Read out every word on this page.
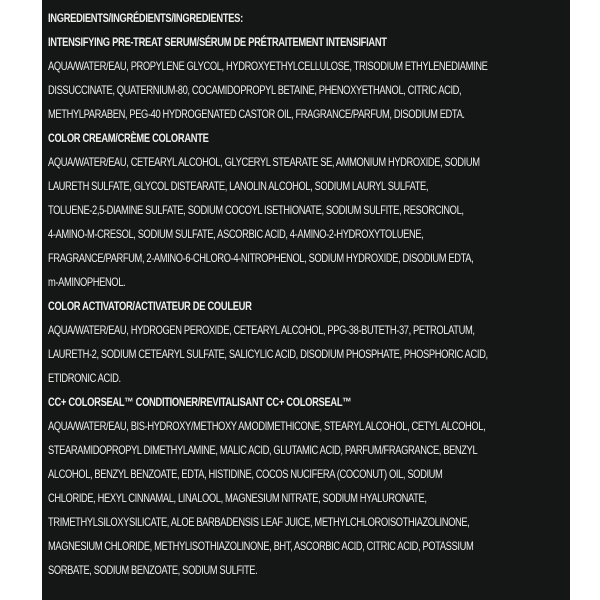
INGREDIENTS/INGRÉDIENTS/INGREDIENTES:
INTENSIFYING PRE-TREAT SERUM/SÉRUM DE PRÉTRAITEMENT INTENSIFIANT
AQUA/WATER/EAU, PROPYLENE GLYCOL, HYDROXYETHYLCELLULOSE, TRISODIUM ETHYLENEDIAMINE
DISSUCCINATE, QUATERNIUM-80, COCAMIDOPROPYL BETAINE, PHENOXYETHANOL, CITRIC ACID,
METHYLPARABEN, PEG-40 HYDROGENATED CASTOR OIL, FRAGRANCE/PARFUM, DISODIUM EDTA.
COLOR CREAM/CRÈME COLORANTE
AQUA/WATER/EAU, CETEARYL ALCOHOL, GLYCERYL STEARATE SE, AMMONIUM HYDROXIDE, SODIUM
LAURETH SULFATE, GLYCOL DISTEARATE, LANOLIN ALCOHOL, SODIUM LAURYL SULFATE,
TOLUENE-2,5-DIAMINE SULFATE, SODIUM COCOYL ISETHIONATE, SODIUM SULFITE, RESORCINOL,
4-AMINO-M-CRESOL, SODIUM SULFATE, ASCORBIC ACID, 4-AMINO-2-HYDROXYTOLUENE,
FRAGRANCE/PARFUM, 2-AMINO-6-CHLORO-4-NITROPHENOL, SODIUM HYDROXIDE, DISODIUM EDTA,
m-AMINOPHENOL.
COLOR ACTIVATOR/ACTIVATEUR DE COULEUR
AQUA/WATER/EAU, HYDROGEN PEROXIDE, CETEARYL ALCOHOL, PPG-38-BUTETH-37, PETROLATUM,
LAURETH-2, SODIUM CETEARYL SULFATE, SALICYLIC ACID, DISODIUM PHOSPHATE, PHOSPHORIC ACID,
ETIDRONIC ACID.
CC+ COLORSEAL™ CONDITIONER/REVITALISANT CC+ COLORSEAL™
AQUA/WATER/EAU, BIS-HYDROXY/METHOXY AMODIMETHICONE, STEARYL ALCOHOL, CETYL ALCOHOL,
STEARAMIDOPROPYL DIMETHYLAMINE, MALIC ACID, GLUTAMIC ACID, PARFUM/FRAGRANCE, BENZYL
ALCOHOL, BENZYL BENZOATE, EDTA, HISTIDINE, COCOS NUCIFERA (COCONUT) OIL, SODIUM
CHLORIDE, HEXYL CINNAMAL, LINALOOL, MAGNESIUM NITRATE, SODIUM HYALURONATE,
TRIMETHYLSILOXYSILICATE, ALOE BARBADENSIS LEAF JUICE, METHYLCHLOROISOTHIAZOLINONE,
MAGNESIUM CHLORIDE, METHYLISOTHIAZOLINONE, BHT, ASCORBIC ACID, CITRIC ACID, POTASSIUM
SORBATE, SODIUM BENZOATE, SODIUM SULFITE.
